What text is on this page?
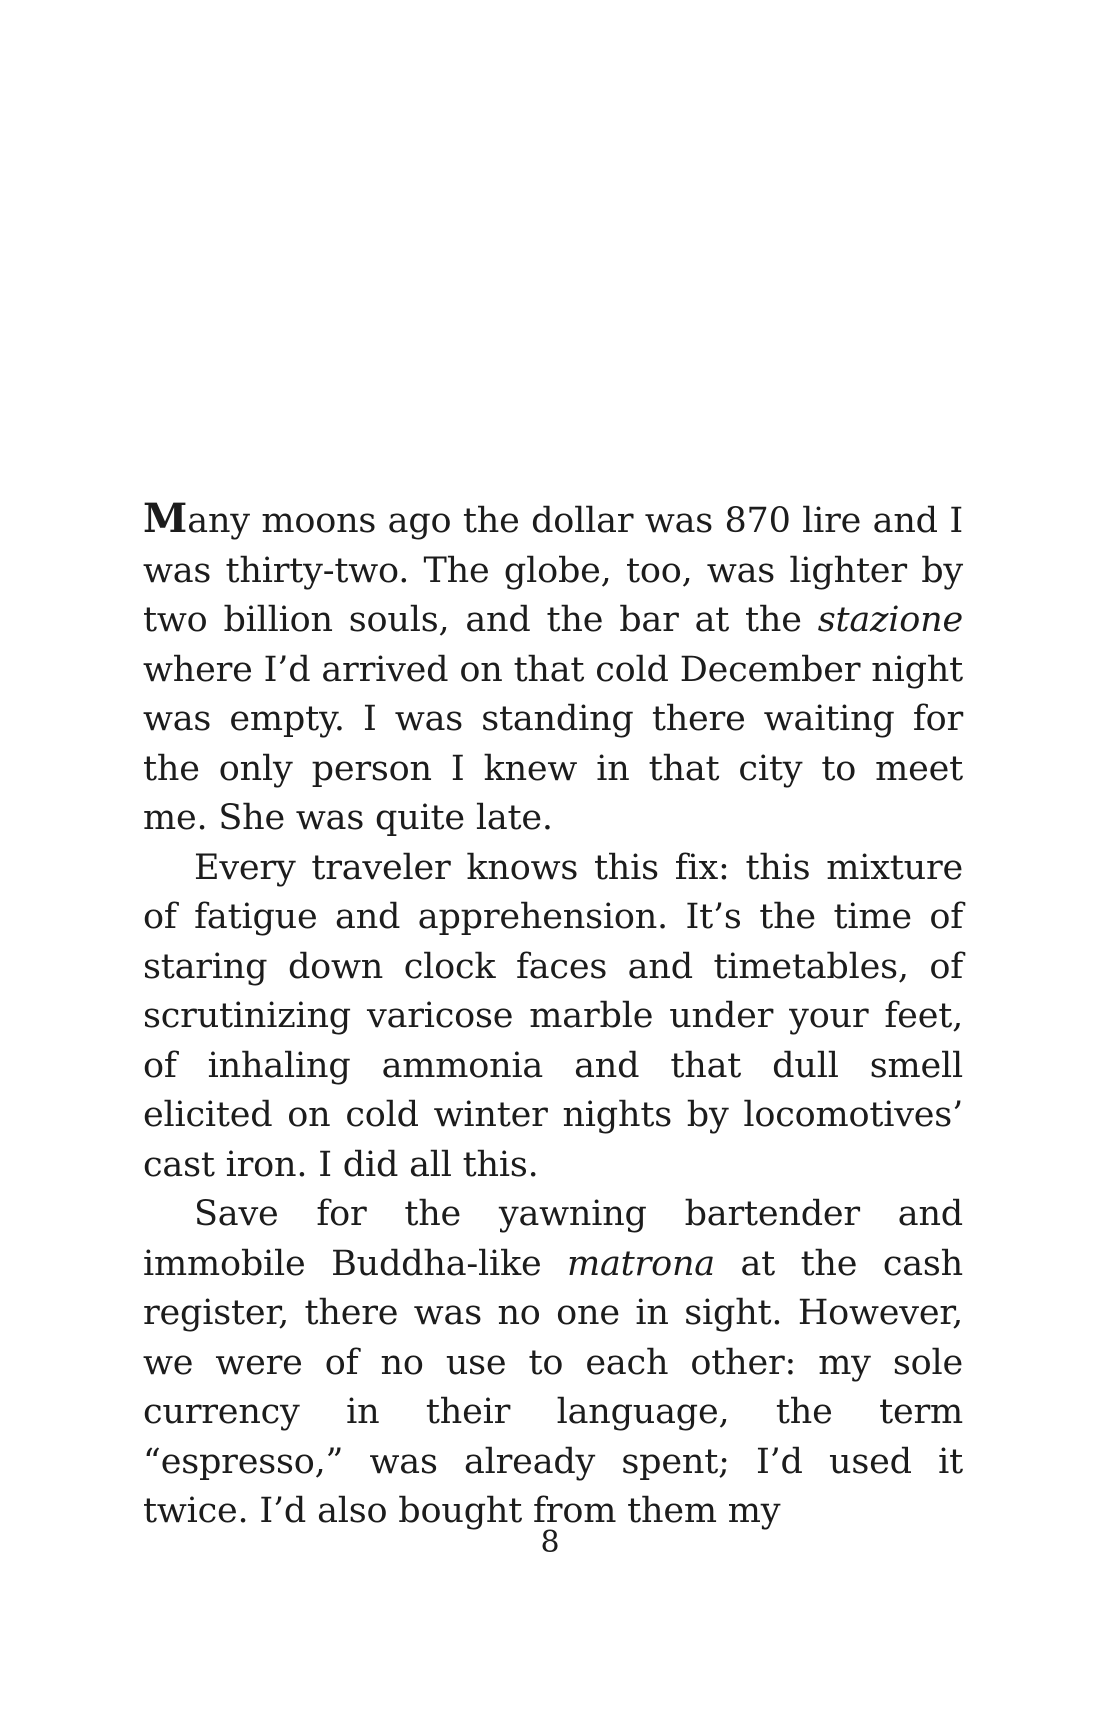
Many moons ago the dollar was 870 lire and I was thirty-two. The globe, too, was lighter by two billion souls, and the bar at the stazione where I’d arrived on that cold December night was empty. I was standing there waiting for the only person I knew in that city to meet me. She was quite late.

Every traveler knows this fix: this mixture of fatigue and apprehension. It’s the time of staring down clock faces and timetables, of scrutinizing varicose marble under your feet, of inhaling ammonia and that dull smell elicited on cold winter nights by locomotives’ cast iron. I did all this.

Save for the yawning bartender and immobile Buddha-like matrona at the cash register, there was no one in sight. However, we were of no use to each other: my sole currency in their language, the term “espresso,” was already spent; I’d used it twice. I’d also bought from them my

8
